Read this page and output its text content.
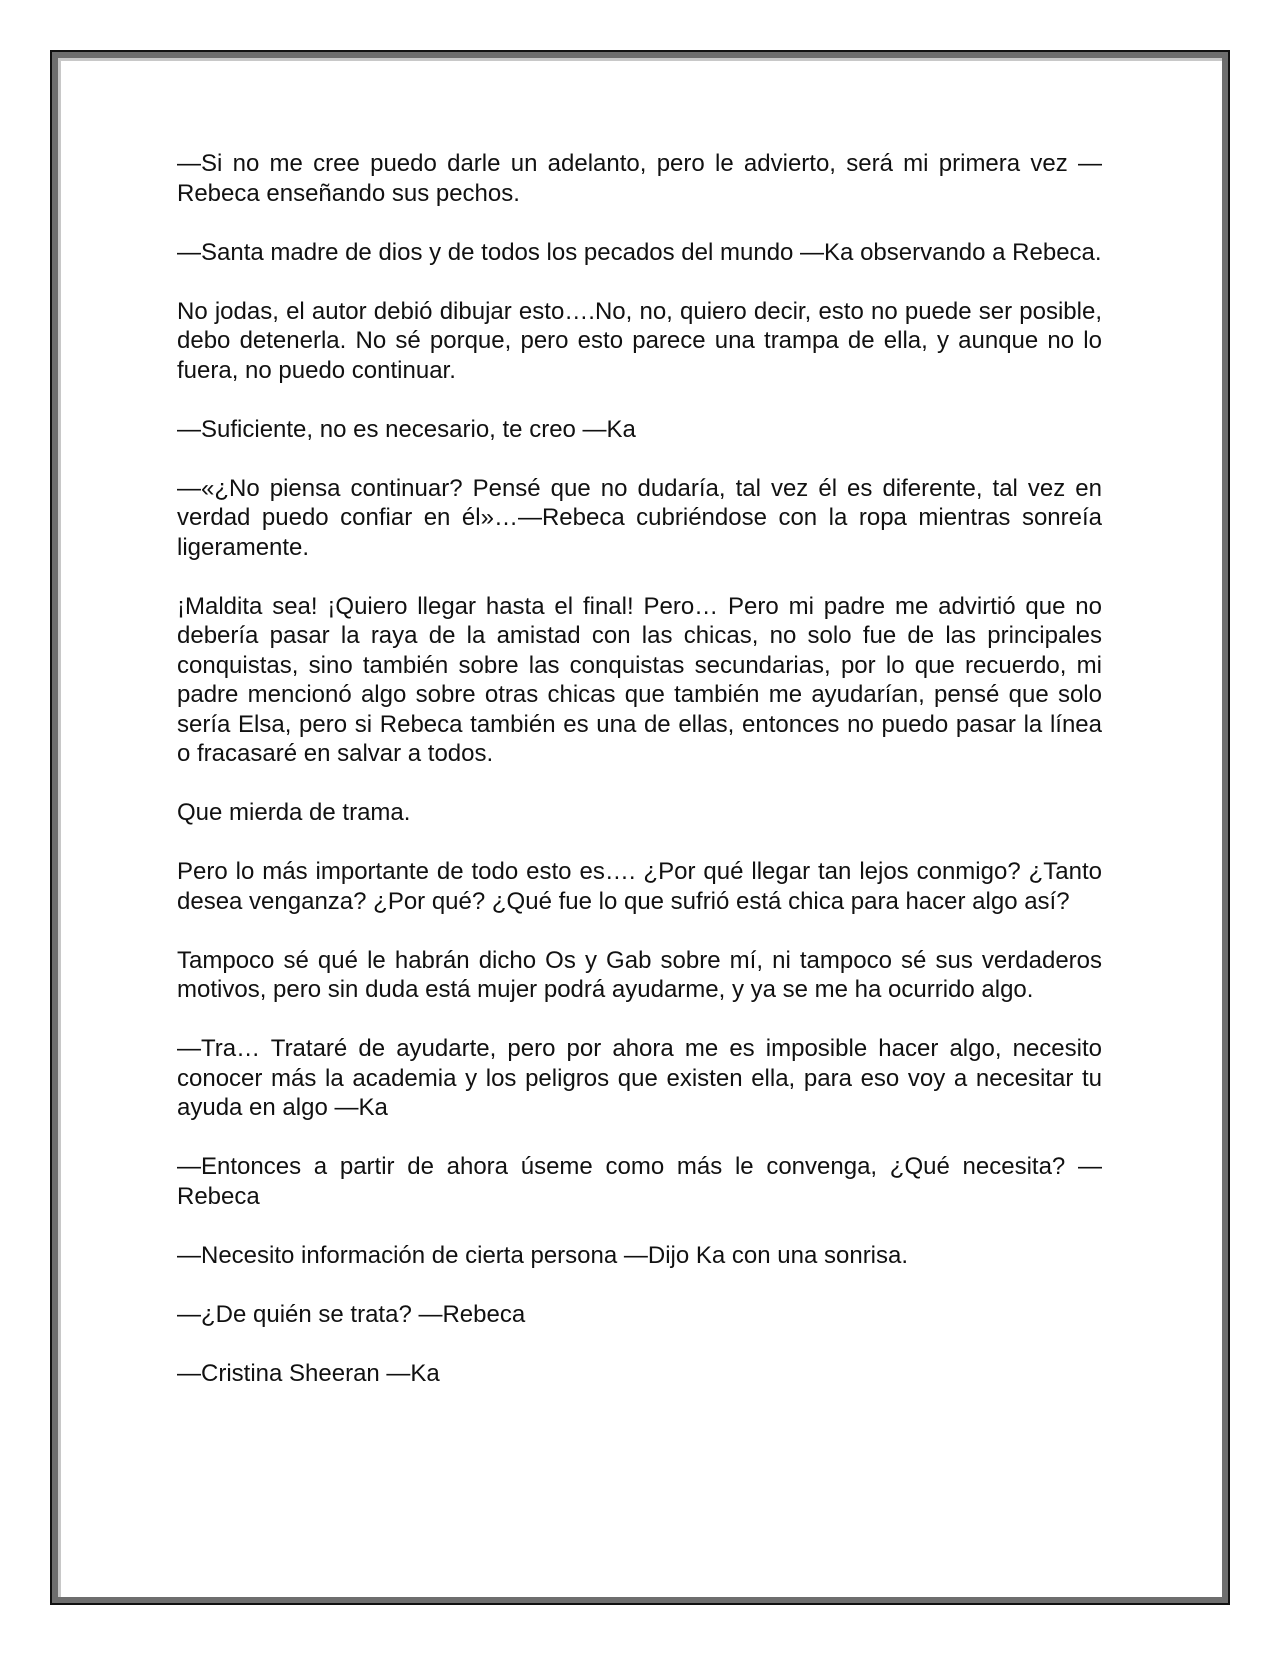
—Si no me cree puedo darle un adelanto, pero le advierto, será mi primera vez —Rebeca enseñando sus pechos.

—Santa madre de dios y de todos los pecados del mundo —Ka observando a Rebeca.

No jodas, el autor debió dibujar esto….No, no, quiero decir, esto no puede ser posible, debo detenerla. No sé porque, pero esto parece una trampa de ella, y aunque no lo fuera, no puedo continuar.

—Suficiente, no es necesario, te creo —Ka

—«¿No piensa continuar? Pensé que no dudaría, tal vez él es diferente, tal vez en verdad puedo confiar en él»…—Rebeca cubriéndose con la ropa mientras sonreía ligeramente.

¡Maldita sea! ¡Quiero llegar hasta el final! Pero… Pero mi padre me advirtió que no debería pasar la raya de la amistad con las chicas, no solo fue de las principales conquistas, sino también sobre las conquistas secundarias, por lo que recuerdo, mi padre mencionó algo sobre otras chicas que también me ayudarían, pensé que solo sería Elsa, pero si Rebeca también es una de ellas, entonces no puedo pasar la línea o fracasaré en salvar a todos.

Que mierda de trama.

Pero lo más importante de todo esto es…. ¿Por qué llegar tan lejos conmigo? ¿Tanto desea venganza? ¿Por qué? ¿Qué fue lo que sufrió está chica para hacer algo así?

Tampoco sé qué le habrán dicho Os y Gab sobre mí, ni tampoco sé sus verdaderos motivos, pero sin duda está mujer podrá ayudarme, y ya se me ha ocurrido algo.

—Tra… Trataré de ayudarte, pero por ahora me es imposible hacer algo, necesito conocer más la academia y los peligros que existen ella, para eso voy a necesitar tu ayuda en algo —Ka

—Entonces a partir de ahora úseme como más le convenga, ¿Qué necesita? —Rebeca

—Necesito información de cierta persona —Dijo Ka con una sonrisa.

—¿De quién se trata? —Rebeca

—Cristina Sheeran —Ka
